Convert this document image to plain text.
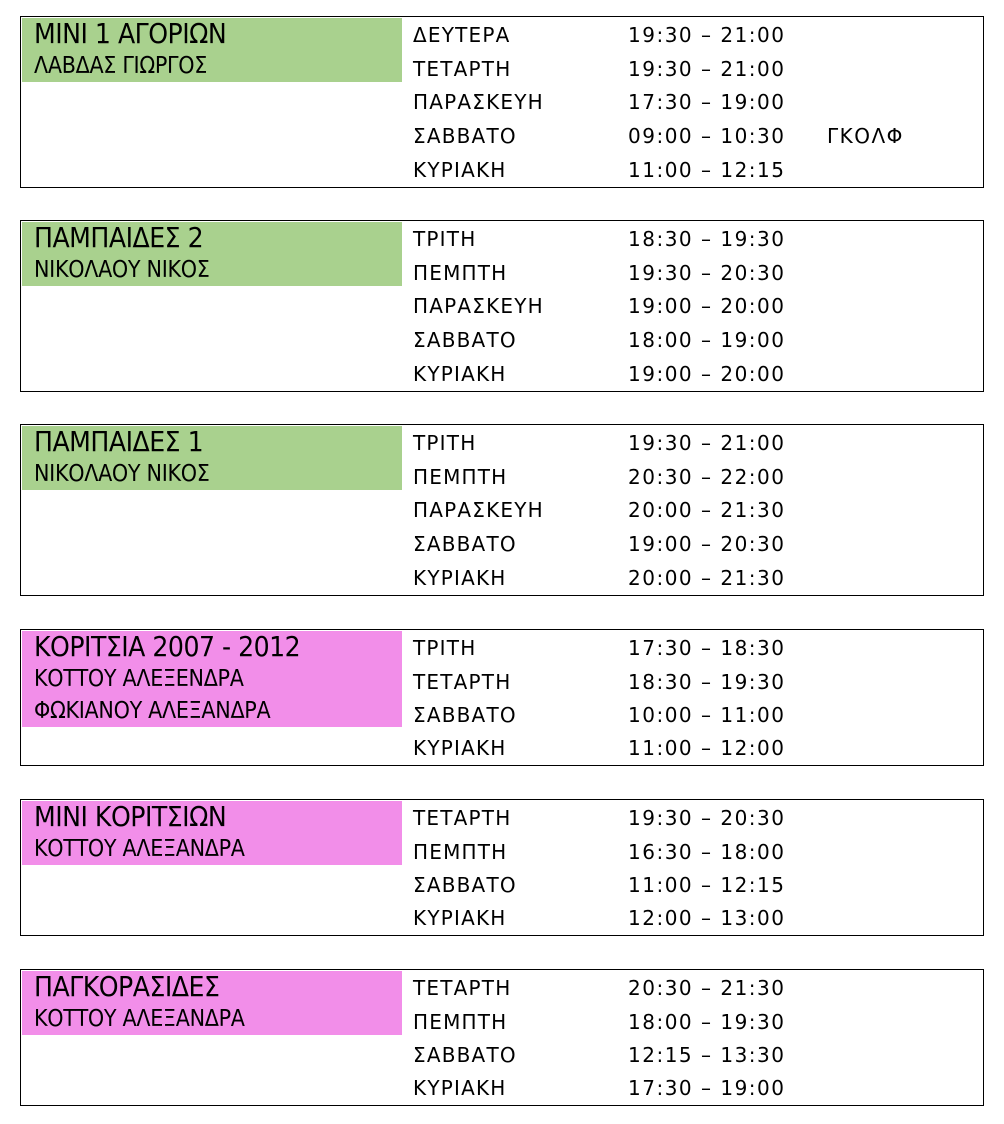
ΜΙΝΙ 1 ΑΓΟΡΙΩΝ
ΛΑΒΔΑΣ ΓΙΩΡΓΟΣ
ΔΕΥΤΕΡΑ	19:30 – 21:00
ΤΕΤΑΡΤΗ	19:30 – 21:00
ΠΑΡΑΣΚΕΥΗ	17:30 – 19:00
ΣΑΒΒΑΤΟ	09:00 – 10:30 ΓΚΟΛΦ
ΚΥΡΙΑΚΗ	11:00 – 12:15
ΠΑΜΠΑΙΔΕΣ 2
ΝΙΚΟΛΑΟΥ ΝΙΚΟΣ
ΤΡΙΤΗ	18:30 – 19:30
ΠΕΜΠΤΗ	19:30 – 20:30
ΠΑΡΑΣΚΕΥΗ	19:00 – 20:00
ΣΑΒΒΑΤΟ	18:00 – 19:00
ΚΥΡΙΑΚΗ	19:00 – 20:00
ΠΑΜΠΑΙΔΕΣ 1
ΝΙΚΟΛΑΟΥ ΝΙΚΟΣ
ΤΡΙΤΗ	19:30 – 21:00
ΠΕΜΠΤΗ	20:30 – 22:00
ΠΑΡΑΣΚΕΥΗ	20:00 – 21:30
ΣΑΒΒΑΤΟ	19:00 – 20:30
ΚΥΡΙΑΚΗ	20:00 – 21:30
ΚΟΡΙΤΣΙΑ 2007 - 2012
ΚΟΤΤΟΥ ΑΛΕΞΕΝΔΡΑ
ΦΩΚΙΑΝΟΥ ΑΛΕΞΑΝΔΡΑ
ΤΡΙΤΗ	17:30 – 18:30
ΤΕΤΑΡΤΗ	18:30 – 19:30
ΣΑΒΒΑΤΟ	10:00 – 11:00
ΚΥΡΙΑΚΗ	11:00 – 12:00
ΜΙΝΙ ΚΟΡΙΤΣΙΩΝ
ΚΟΤΤΟΥ ΑΛΕΞΑΝΔΡΑ
ΤΕΤΑΡΤΗ	19:30 – 20:30
ΠΕΜΠΤΗ	16:30 – 18:00
ΣΑΒΒΑΤΟ	11:00 – 12:15
ΚΥΡΙΑΚΗ	12:00 – 13:00
ΠΑΓΚΟΡΑΣΙΔΕΣ
ΚΟΤΤΟΥ ΑΛΕΞΑΝΔΡΑ
ΤΕΤΑΡΤΗ	20:30 – 21:30
ΠΕΜΠΤΗ	18:00 – 19:30
ΣΑΒΒΑΤΟ	12:15 – 13:30
ΚΥΡΙΑΚΗ	17:30 – 19:00
